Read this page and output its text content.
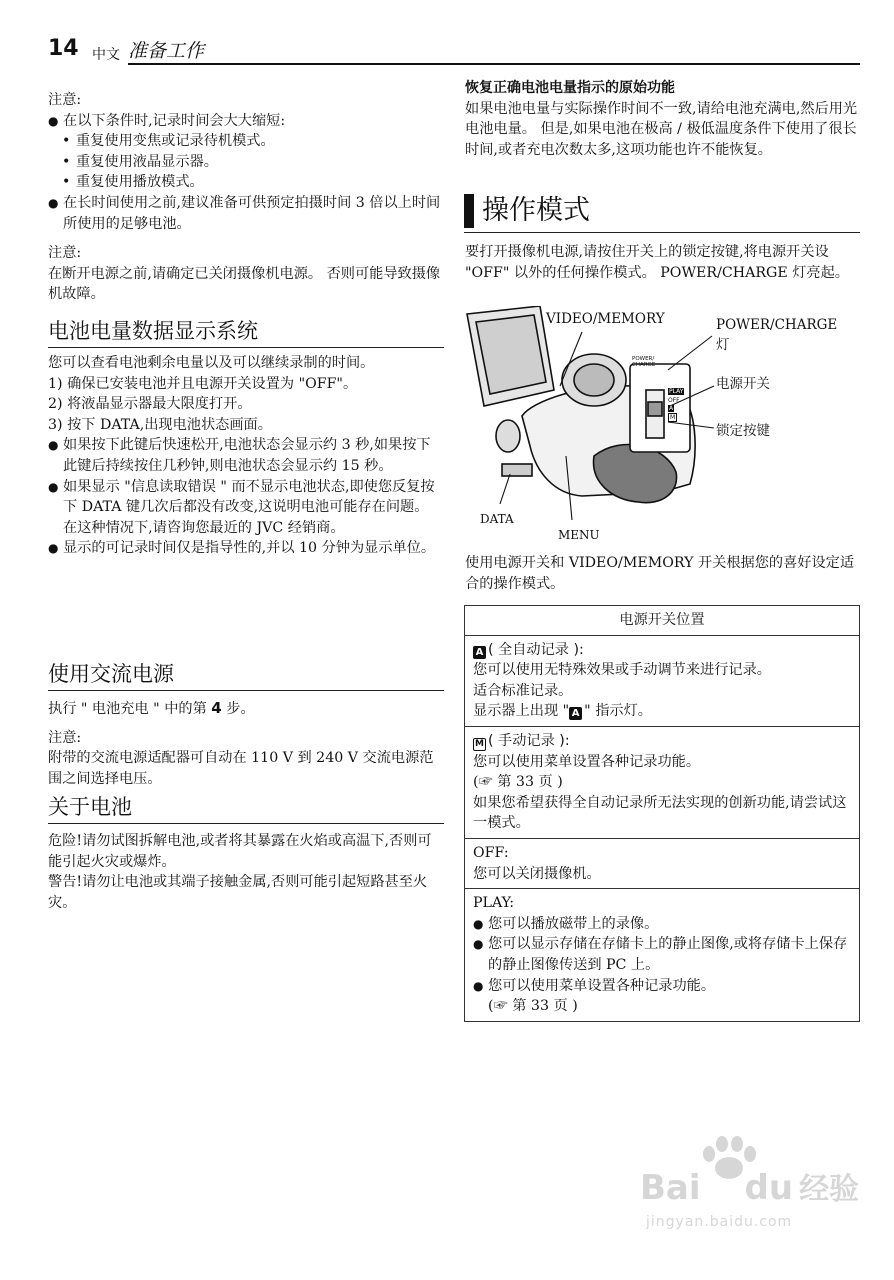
14 中文 准备工作

注意:

● 在以下条件时,记录时间会大大缩短:

• 重复使用变焦或记录待机模式。

• 重复使用液晶显示器。

• 重复使用播放模式。

● 在长时间使用之前,建议准备可供预定拍摄时间 3 倍以上时间所使用的足够电池。

注意:

在断开电源之前,请确定已关闭摄像机电源。 否则可能导致摄像机故障。

电池电量数据显示系统

您可以查看电池剩余电量以及可以继续录制的时间。

1) 确保已安装电池并且电源开关设置为 "OFF"。

2) 将液晶显示器最大限度打开。

3) 按下 DATA,出现电池状态画面。

● 如果按下此键后快速松开,电池状态会显示约 3 秒,如果按下此键后持续按住几秒钟,则电池状态会显示约 15 秒。

● 如果显示 "信息读取错误 " 而不显示电池状态,即使您反复按下 DATA 键几次后都没有改变,这说明电池可能存在问题。 在这种情况下,请咨询您最近的 JVC 经销商。

● 显示的可记录时间仅是指导性的,并以 10 分钟为显示单位。

使用交流电源

执行 " 电池充电 " 中的第 4 步。

注意:

附带的交流电源适配器可自动在 110 V 到 240 V 交流电源范围之间选择电压。

关于电池

危险!请勿试图拆解电池,或者将其暴露在火焰或高温下,否则可能引起火灾或爆炸。

警告!请勿让电池或其端子接触金属,否则可能引起短路甚至火灾。

恢复正确电池电量指示的原始功能

如果电池电量与实际操作时间不一致,请给电池充满电,然后用光电池电量。 但是,如果电池在极高 / 极低温度条件下使用了很长时间,或者充电次数太多,这项功能也许不能恢复。

操作模式
要打开摄像机电源,请按住开关上的锁定按键,将电源开关设 "OFF" 以外的任何操作模式。 POWER/CHARGE 灯亮起。
VIDEO/MEMORY	POWER/CHARGE
灯
电源开关
锁定按键
DATA
MENU
POWER/ CHARGE
PLAY
OFF
A
M
使用电源开关和 VIDEO/MEMORY 开关根据您的喜好设定适合的操作模式。
电源开关位置

A ( 全自动记录 ):

您可以使用无特殊效果或手动调节来进行记录。

适合标准记录。

显示器上出现 " A " 指示灯。

M ( 手动记录 ):

您可以使用菜单设置各种记录功能。

(☞ 第 33 页 )

如果您希望获得全自动记录所无法实现的创新功能,请尝试这一模式。

OFF:

您可以关闭摄像机。

PLAY:

● 您可以播放磁带上的录像。

● 您可以显示存储在存储卡上的静止图像,或将存储卡上保存的静止图像传送到 PC 上。

● 您可以使用菜单设置各种记录功能。

(☞ 第 33 页 )

Bai du 经验
jingyan.baidu.com
